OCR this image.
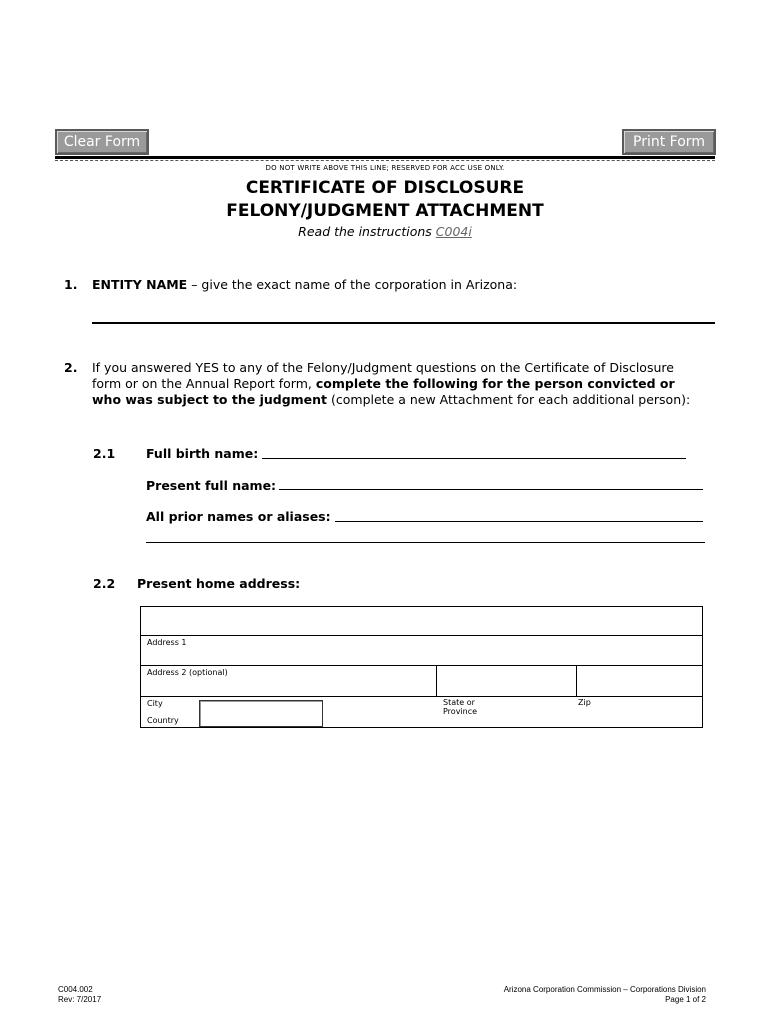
Clear Form	Print Form
DO NOT WRITE ABOVE THIS LINE; RESERVED FOR ACC USE ONLY.
CERTIFICATE OF DISCLOSURE
FELONY/JUDGMENT ATTACHMENT
Read the instructions C004i
1. ENTITY NAME – give the exact name of the corporation in Arizona:
2. If you answered YES to any of the Felony/Judgment questions on the Certificate of Disclosure
form or on the Annual Report form, complete the following for the person convicted or
who was subject to the judgment (complete a new Attachment for each additional person):
2.1 Full birth name:
Present full name:
All prior names or aliases:
2.2 Present home address:
Address 1
Address 2 (optional)
City	State or Province
Zip
Country
C004.002
Rev: 7/2017
Arizona Corporation Commission – Corporations Division
Page 1 of 2
